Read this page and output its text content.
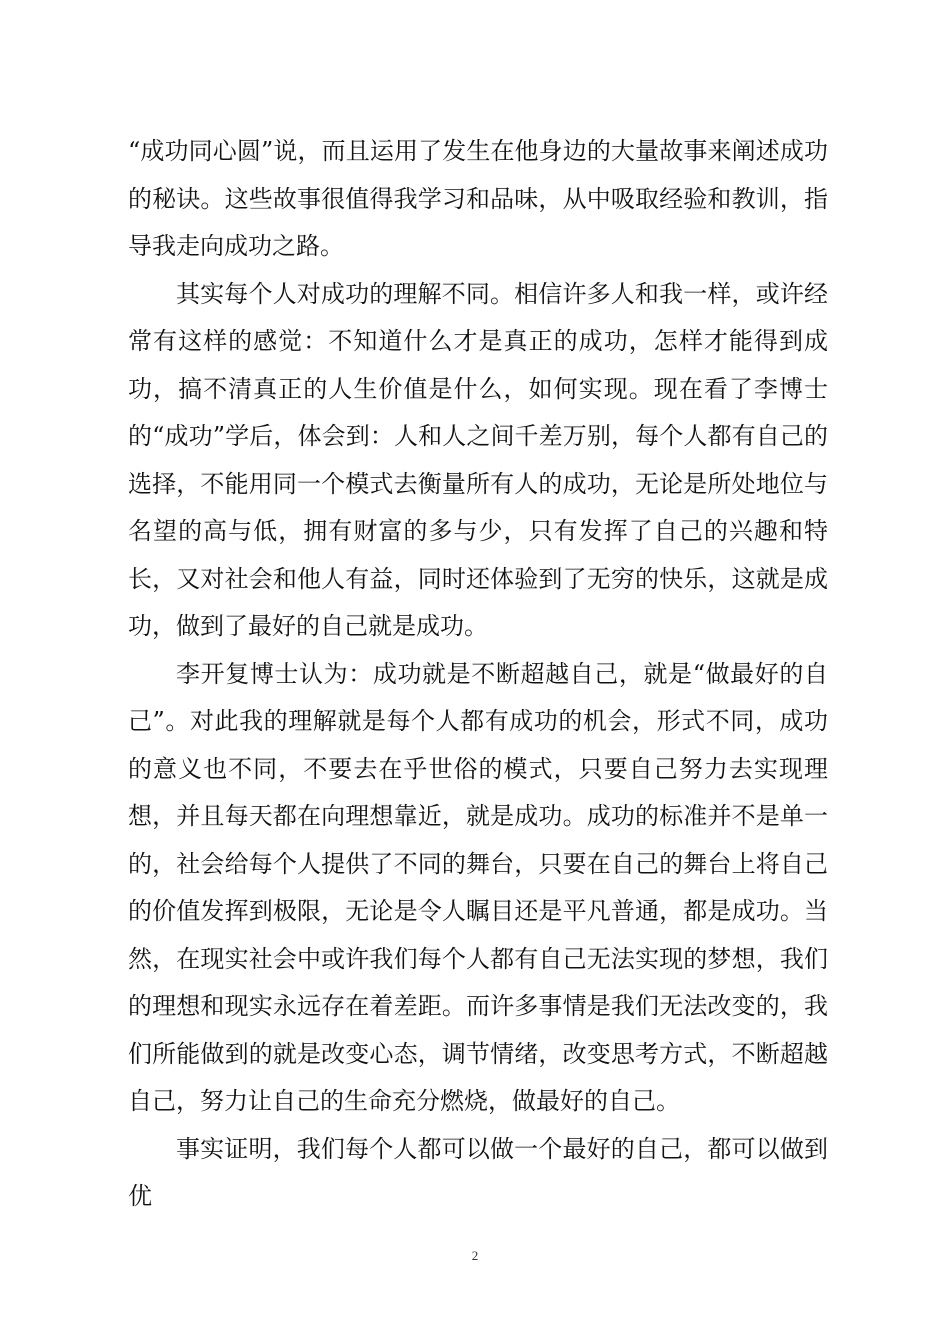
“成功同心圆”说，而且运用了发生在他身边的大量故事来阐述成功的秘诀。这些故事很值得我学习和品味，从中吸取经验和教训，指导我走向成功之路。

其实每个人对成功的理解不同。相信许多人和我一样，或许经常有这样的感觉：不知道什么才是真正的成功，怎样才能得到成功，搞不清真正的人生价值是什么，如何实现。现在看了李博士的“成功”学后，体会到：人和人之间千差万别，每个人都有自己的选择，不能用同一个模式去衡量所有人的成功，无论是所处地位与名望的高与低，拥有财富的多与少，只有发挥了自己的兴趣和特长，又对社会和他人有益，同时还体验到了无穷的快乐，这就是成功，做到了最好的自己就是成功。

李开复博士认为：成功就是不断超越自己，就是“做最好的自己”。对此我的理解就是每个人都有成功的机会，形式不同，成功的意义也不同，不要去在乎世俗的模式，只要自己努力去实现理想，并且每天都在向理想靠近，就是成功。成功的标准并不是单一的，社会给每个人提供了不同的舞台，只要在自己的舞台上将自己的价值发挥到极限，无论是令人瞩目还是平凡普通，都是成功。当然，在现实社会中或许我们每个人都有自己无法实现的梦想，我们的理想和现实永远存在着差距。而许多事情是我们无法改变的，我们所能做到的就是改变心态，调节情绪，改变思考方式，不断超越自己，努力让自己的生命充分燃烧，做最好的自己。

事实证明，我们每个人都可以做一个最好的自己，都可以做到优

2
